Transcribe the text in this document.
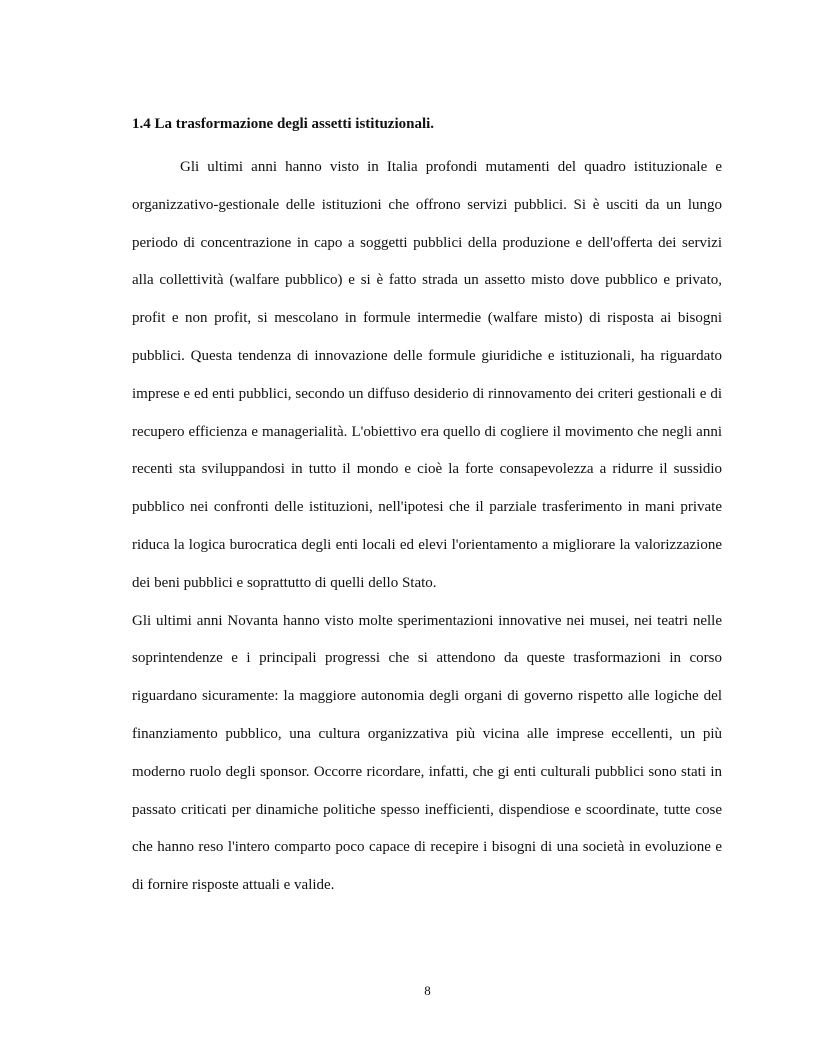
1.4 La trasformazione degli assetti istituzionali.

Gli ultimi anni hanno visto in Italia profondi mutamenti del quadro istituzionale e organizzativo-gestionale delle istituzioni che offrono servizi pubblici. Si è usciti da un lungo periodo di concentrazione in capo a soggetti pubblici della produzione e dell'offerta dei servizi alla collettività (walfare pubblico) e si è fatto strada un assetto misto dove pubblico e privato, profit e non profit, si mescolano in formule intermedie (walfare misto) di risposta ai bisogni pubblici. Questa tendenza di innovazione delle formule giuridiche e istituzionali, ha riguardato imprese e ed enti pubblici, secondo un diffuso desiderio di rinnovamento dei criteri gestionali e di recupero efficienza e managerialità. L'obiettivo era quello di cogliere il movimento che negli anni recenti sta sviluppandosi in tutto il mondo e cioè la forte consapevolezza a ridurre il sussidio pubblico nei confronti delle istituzioni, nell'ipotesi che il parziale trasferimento in mani private riduca la logica burocratica degli enti locali ed elevi l'orientamento a migliorare la valorizzazione dei beni pubblici e soprattutto di quelli dello Stato.

Gli ultimi anni Novanta hanno visto molte sperimentazioni innovative nei musei, nei teatri nelle soprintendenze e i principali progressi che si attendono da queste trasformazioni in corso riguardano sicuramente: la maggiore autonomia degli organi di governo rispetto alle logiche del finanziamento pubblico, una cultura organizzativa più vicina alle imprese eccellenti, un più moderno ruolo degli sponsor. Occorre ricordare, infatti, che gi enti culturali pubblici sono stati in passato criticati per dinamiche politiche spesso inefficienti, dispendiose e scoordinate, tutte cose che hanno reso l'intero comparto poco capace di recepire i bisogni di una società in evoluzione e di fornire risposte attuali e valide.

8
